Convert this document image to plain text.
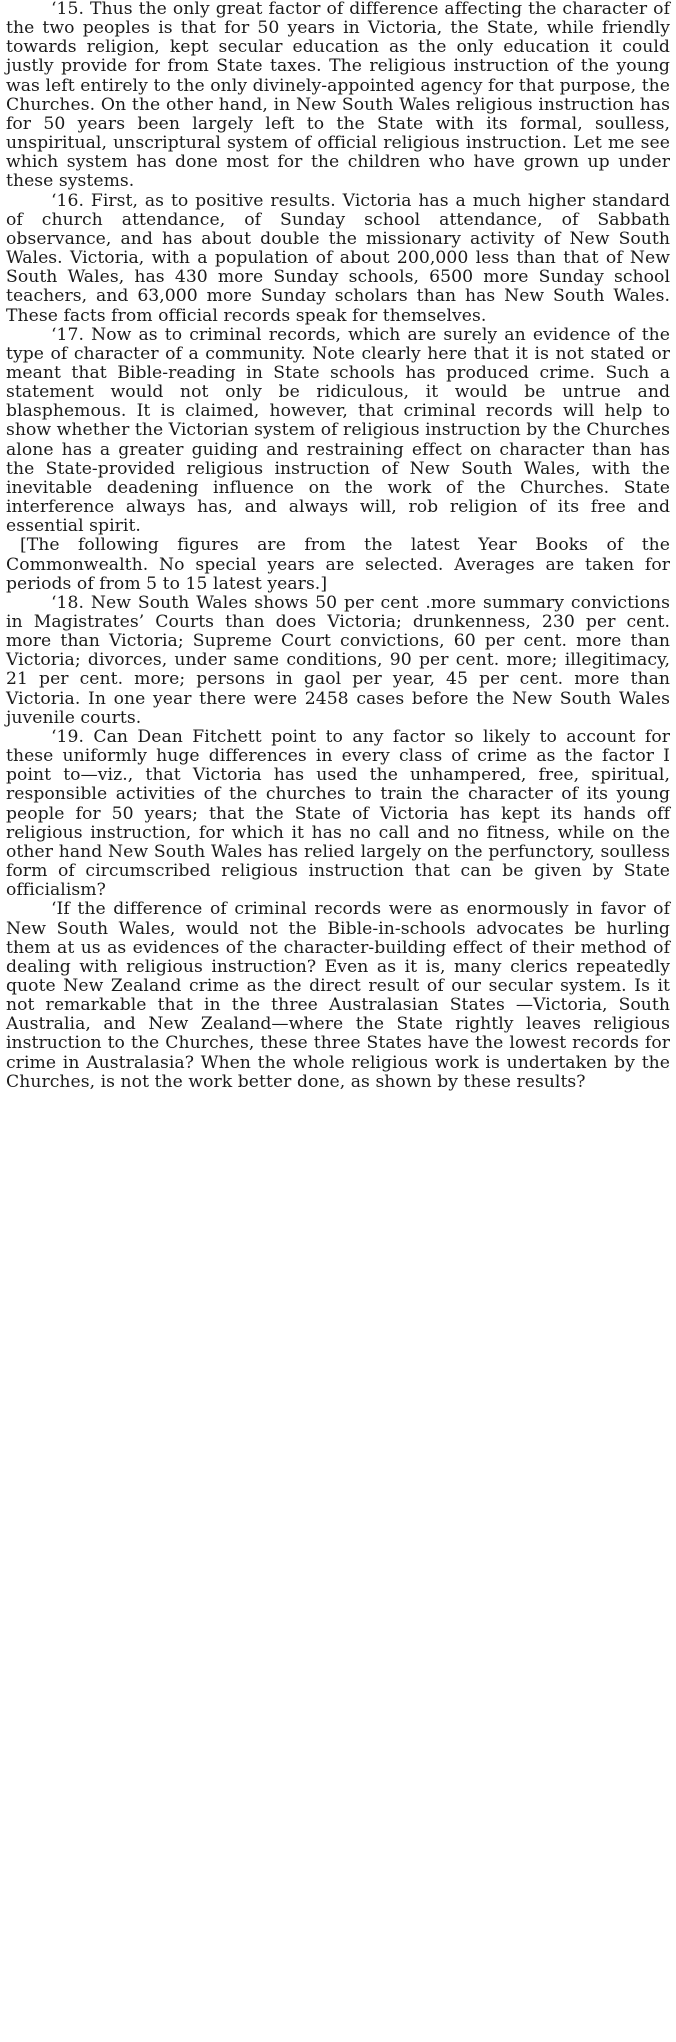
‘15. Thus the only great factor of difference affecting the character of the two peoples is that for 50 years in Victoria, the State, while friendly towards religion, kept secular education as the only education it could justly provide for from State taxes. The religious instruction of the young was left entirely to the only divinely-appointed agency for that purpose, the Churches. On the other hand, in New South Wales religious instruction has for 50 years been largely left to the State with its formal, soulless, unspiritual, unscriptural system of official religious instruction. Let me see which system has done most for the children who have grown up under these systems.

‘16. First, as to positive results. Victoria has a much higher standard of church attendance, of Sunday school attendance, of Sabbath observance, and has about double the missionary activity of New South Wales. Victoria, with a population of about 200,000 less than that of New South Wales, has 430 more Sunday schools, 6500 more Sunday school teachers, and 63,000 more Sunday scholars than has New South Wales. These facts from official records speak for themselves.

‘17. Now as to criminal records, which are surely an evidence of the type of character of a community. Note clearly here that it is not stated or meant that Bible-reading in State schools has produced crime. Such a statement would not only be ridiculous, it would be untrue and blasphemous. It is claimed, however, that criminal records will help to show whether the Victorian system of religious instruction by the Churches alone has a greater guiding and restraining effect on character than has the State-provided religious instruction of New South Wales, with the inevitable deadening influence on the work of the Churches. State interference always has, and always will, rob religion of its free and essential spirit.

[The following figures are from the latest Year Books of the Commonwealth. No special years are selected. Averages are taken for periods of from 5 to 15 latest years.]

‘18. New South Wales shows 50 per cent .more summary convictions in Magistrates’ Courts than does Victoria; drunkenness, 230 per cent. more than Victoria; Supreme Court convictions, 60 per cent. more than Victoria; divorces, under same conditions, 90 per cent. more; illegitimacy, 21 per cent. more; persons in gaol per year, 45 per cent. more than Victoria. In one year there were 2458 cases before the New South Wales juvenile courts.

‘19. Can Dean Fitchett point to any factor so likely to account for these uniformly huge differences in every class of crime as the factor I point to—viz., that Victoria has used the unhampered, free, spiritual, responsible activities of the churches to train the character of its young people for 50 years; that the State of Victoria has kept its hands off religious instruction, for which it has no call and no fitness, while on the other hand New South Wales has relied largely on the perfunctory, soulless form of circumscribed religious instruction that can be given by State officialism?

‘If the difference of criminal records were as enormously in favor of New South Wales, would not the Bible-in-schools advocates be hurling them at us as evidences of the character-building effect of their method of dealing with religious instruction? Even as it is, many clerics repeatedly quote New Zealand crime as the direct result of our secular system. Is it not remarkable that in the three Australasian States —Victoria, South Australia, and New Zealand—where the State rightly leaves religious instruction to the Churches, these three States have the lowest records for crime in Australasia? When the whole religious work is undertaken by the Churches, is not the work better done, as shown by these results?
